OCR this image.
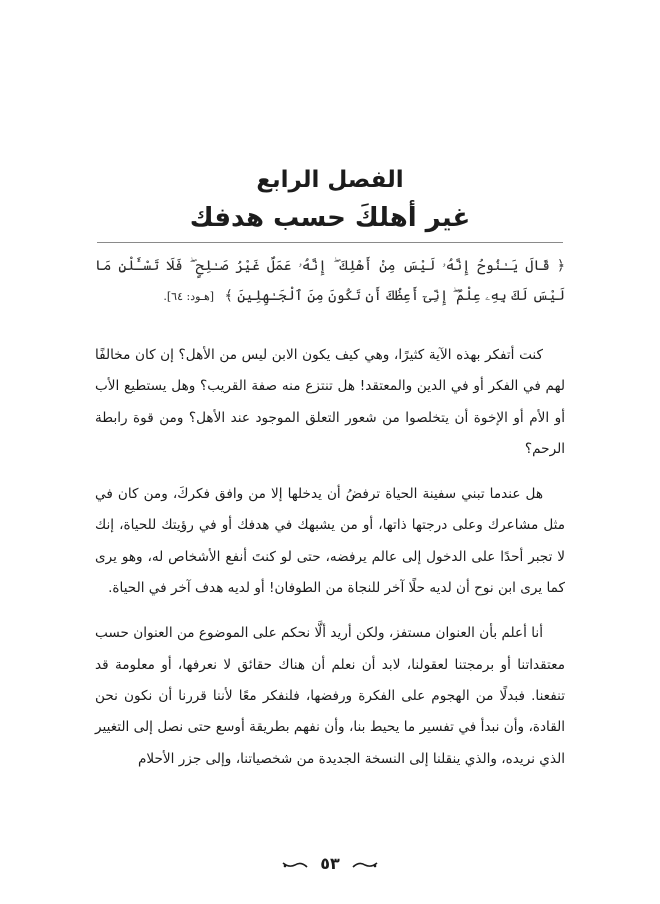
الفصل الرابع
غير أهلكَ حسب هدفك
﴿ قَالَ يَـٰنُوحُ إِنَّهُۥ لَيْسَ مِنْ أَهْلِكَ ۖ إِنَّهُۥ عَمَلٌ غَيْرُ صَـٰلِحٍ ۖ فَلَا تَسْـَٔلْنِ مَا لَيْسَ لَكَ بِهِۦ عِلْمٌ ۖ إِنِّىٓ أَعِظُكَ أَن تَكُونَ مِنَ ٱلْجَـٰهِلِينَ ﴾ [هـود: ٦٤].

كنت أتفكر بهذه الآية كثيرًا، وهي كيف يكون الابن ليس من الأهل؟ إن كان مخالفًا لهم في الفكر أو في الدين والمعتقد! هل تنتزع منه صفة القريب؟ وهل يستطيع الأب أو الأم أو الإخوة أن يتخلصوا من شعور التعلق الموجود عند الأهل؟ ومن قوة رابطة الرحم؟

هل عندما تبني سفينة الحياة ترفضُ أن يدخلها إلا من وافق فكركَ، ومن كان في مثل مشاعرك وعلى درجتها ذاتها، أو من يشبهك في هدفك أو في رؤيتك للحياة، إنك لا تجبر أحدًا على الدخول إلى عالم يرفضه، حتى لو كنتَ أنفع الأشخاص له، وهو يرى كما يرى ابن نوح أن لديه حلًا آخر للنجاة من الطوفان! أو لديه هدف آخر في الحياة.

أنا أعلم بأن العنوان مستفز، ولكن أريد ألَّا نحكم على الموضوع من العنوان حسب معتقداتنا أو برمجتنا لعقولنا، لابد أن نعلم أن هناك حقائق لا نعرفها، أو معلومة قد تنفعنا. فبدلًا من الهجوم على الفكرة ورفضها، فلنفكر معًا لأننا قررنا أن نكون نحن القادة، وأن نبدأ في تفسير ما يحيط بنا، وأن نفهم بطريقة أوسع حتى نصل إلى التغيير الذي نريده، والذي ينقلنا إلى النسخة الجديدة من شخصياتنا، وإلى جزر الأحلام

٥٣
